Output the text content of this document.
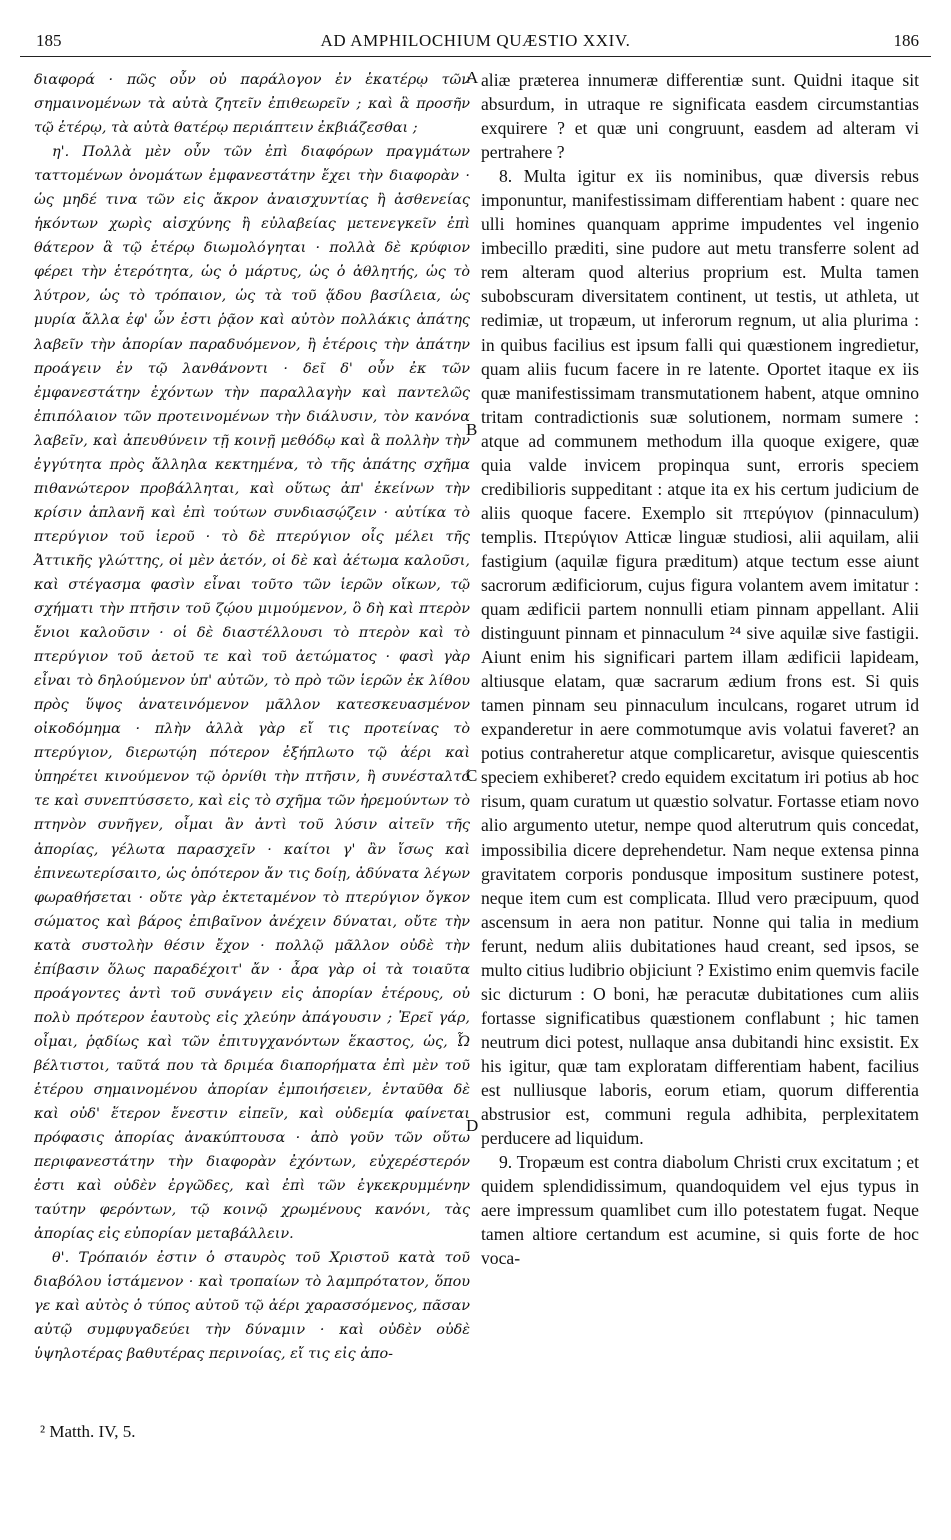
185	AD AMPHILOCHIUM QUÆSTIO XXIV.	186

διαφορά · πῶς οὖν οὐ παράλογον ἐν ἑκατέρῳ τῶν σημαινομένων τὰ αὐτὰ ζητεῖν ἐπιθεωρεῖν ; καὶ ἃ προσῆν τῷ ἑτέρῳ, τὰ αὐτὰ θατέρῳ περιάπτειν ἐκβιάζεσθαι ;

η'. Πολλὰ μὲν οὖν τῶν ἐπὶ διαφόρων πραγμάτων ταττομένων ὀνομάτων ἐμφανεστάτην ἔχει τὴν διαφορὰν · ὡς μηδέ τινα τῶν εἰς ἄκρον ἀναισχυντίας ἢ ἀσθενείας ἡκόντων χωρὶς αἰσχύνης ἢ εὐλαβείας μετενεγκεῖν ἐπὶ θάτερον ἃ τῷ ἑτέρῳ διωμολόγηται · πολλὰ δὲ κρύφιον φέρει τὴν ἑτερότητα, ὡς ὁ μάρτυς, ὡς ὁ ἀθλητής, ὡς τὸ λύτρον, ὡς τὸ τρόπαιον, ὡς τὰ τοῦ ᾅδου βασίλεια, ὡς μυρία ἄλλα ἐφ' ὧν ἐστι ῥᾷον καὶ αὐτὸν πολλάκις ἀπάτης λαβεῖν τὴν ἀπορίαν παραδυόμενον, ἢ ἑτέροις τὴν ἀπάτην προάγειν ἐν τῷ λανθάνοντι · δεῖ δ' οὖν ἐκ τῶν ἐμφανεστάτην ἐχόντων τὴν παραλλαγὴν καὶ παντελῶς ἐπιπόλαιον τῶν προτεινομένων τὴν διάλυσιν, τὸν κανόνα λαβεῖν, καὶ ἀπευθύνειν τῇ κοινῇ μεθόδῳ καὶ ἃ πολλὴν τὴν ἐγγύτητα πρὸς ἄλληλα κεκτημένα, τὸ τῆς ἀπάτης σχῆμα πιθανώτερον προβάλληται, καὶ οὕτως ἀπ' ἐκείνων τὴν κρίσιν ἀπλανῆ καὶ ἐπὶ τούτων συνδιασῴζειν · αὐτίκα τὸ πτερύγιον τοῦ ἱεροῦ · τὸ δὲ πτερύγιον οἷς μέλει τῆς Ἀττικῆς γλώττης, οἱ μὲν ἀετόν, οἱ δὲ καὶ ἀέτωμα καλοῦσι, καὶ στέγασμα φασὶν εἶναι τοῦτο τῶν ἱερῶν οἴκων, τῷ σχήματι τὴν πτῆσιν τοῦ ζῴου μιμούμενον, ὃ δὴ καὶ πτερὸν ἔνιοι καλοῦσιν · οἱ δὲ διαστέλλουσι τὸ πτερὸν καὶ τὸ πτερύγιον τοῦ ἀετοῦ τε καὶ τοῦ ἀετώματος · φασὶ γὰρ εἶναι τὸ δηλούμενον ὑπ' αὐτῶν, τὸ πρὸ τῶν ἱερῶν ἐκ λίθου πρὸς ὕψος ἀνατεινόμενον μᾶλλον κατεσκευασμένον οἰκοδόμημα · πλὴν ἀλλὰ γὰρ εἴ τις προτείνας τὸ πτερύγιον, διερωτῴη πότερον ἐξήπλωτο τῷ ἀέρι καὶ ὑπηρέτει κινούμενον τῷ ὀρνίθι τὴν πτῆσιν, ἢ συνέσταλτό τε καὶ συνεπτύσσετο, καὶ εἰς τὸ σχῆμα τῶν ἠρεμούντων τὸ πτηνὸν συνῆγεν, οἶμαι ἂν ἀντὶ τοῦ λύσιν αἰτεῖν τῆς ἀπορίας, γέλωτα παρασχεῖν · καίτοι γ' ἂν ἴσως καὶ ἐπινεωτερίσαιτο, ὡς ὁπότερον ἄν τις δοίῃ, ἀδύνατα λέγων φωραθήσεται · οὔτε γὰρ ἐκτεταμένον τὸ πτερύγιον ὄγκον σώματος καὶ βάρος ἐπιβαῖνον ἀνέχειν δύναται, οὔτε τὴν κατὰ συστολὴν θέσιν ἔχον · πολλῷ μᾶλλον οὐδὲ τὴν ἐπίβασιν ὅλως παραδέχοιτ' ἄν · ἆρα γὰρ οἱ τὰ τοιαῦτα προάγοντες ἀντὶ τοῦ συνάγειν εἰς ἀπορίαν ἑτέρους, οὐ πολὺ πρότερον ἑαυτοὺς εἰς χλεύην ἀπάγουσιν ; Ἐρεῖ γάρ, οἶμαι, ῥᾳδίως καὶ τῶν ἐπιτυγχανόντων ἕκαστος, ὡς, Ὦ βέλτιστοι, ταῦτά που τὰ δριμέα διαπορήματα ἐπὶ μὲν τοῦ ἑτέρου σημαινομένου ἀπορίαν ἐμποιήσειεν, ἐνταῦθα δὲ καὶ οὐδ' ἕτερον ἔνεστιν εἰπεῖν, καὶ οὐδεμία φαίνεται πρόφασις ἀπορίας ἀνακύπτουσα · ἀπὸ γοῦν τῶν οὕτω περιφανεστάτην τὴν διαφορὰν ἐχόντων, εὐχερέστερόν ἐστι καὶ οὐδὲν ἐργῶδες, καὶ ἐπὶ τῶν ἐγκεκρυμμένην ταύτην φερόντων, τῷ κοινῷ χρωμένους κανόνι, τὰς ἀπορίας εἰς εὐπορίαν μεταβάλλειν.

θ'. Τρόπαιόν ἐστιν ὁ σταυρὸς τοῦ Χριστοῦ κατὰ τοῦ διαβόλου ἱστάμενον · καὶ τροπαίων τὸ λαμπρότατον, ὅπου γε καὶ αὐτὸς ὁ τύπος αὐτοῦ τῷ ἀέρι χαρασσόμενος, πᾶσαν αὐτῷ συμφυγαδεύει τὴν δύναμιν · καὶ οὐδὲν οὐδὲ ὑψηλοτέρας βαθυτέρας περινοίας, εἴ τις εἰς ἀπο-

A
B
C
D

aliæ præterea innumeræ differentiæ sunt. Quidni itaque sit absurdum, in utraque re significata easdem circumstantias exquirere ? et quæ uni congruunt, easdem ad alteram vi pertrahere ?

8. Multa igitur ex iis nominibus, quæ diversis rebus imponuntur, manifestissimam differentiam habent : quare nec ulli homines quanquam apprime impudentes vel ingenio imbecillo præditi, sine pudore aut metu transferre solent ad rem alteram quod alterius proprium est. Multa tamen subobscuram diversitatem continent, ut testis, ut athleta, ut redimiæ, ut tropæum, ut inferorum regnum, ut alia plurima : in quibus facilius est ipsum falli qui quæstionem ingredietur, quam aliis fucum facere in re latente. Oportet itaque ex iis quæ manifestissimam transmutationem habent, atque omnino tritam contradictionis suæ solutionem, normam sumere : atque ad communem methodum illa quoque exigere, quæ quia valde invicem propinqua sunt, erroris speciem credibilioris suppeditant : atque ita ex his certum judicium de aliis quoque facere. Exemplo sit πτερύγιον (pinnaculum) templis. Πτερύγιον Atticæ linguæ studiosi, alii aquilam, alii fastigium (aquilæ figura præditum) atque tectum esse aiunt sacrorum ædificiorum, cujus figura volantem avem imitatur : quam ædificii partem nonnulli etiam pinnam appellant. Alii distinguunt pinnam et pinnaculum ²⁴ sive aquilæ sive fastigii. Aiunt enim his significari partem illam ædificii lapideam, altiusque elatam, quæ sacrarum ædium frons est. Si quis tamen pinnam seu pinnaculum inculcans, rogaret utrum id expanderetur in aere commotumque avis volatui faveret? an potius contraheretur atque complicaretur, avisque quiescentis speciem exhiberet? credo equidem excitatum iri potius ab hoc risum, quam curatum ut quæstio solvatur. Fortasse etiam novo alio argumento utetur, nempe quod alterutrum quis concedat, impossibilia dicere deprehendetur. Nam neque extensa pinna gravitatem corporis pondusque impositum sustinere potest, neque item cum est complicata. Illud vero præcipuum, quod ascensum in aera non patitur. Nonne qui talia in medium ferunt, nedum aliis dubitationes haud creant, sed ipsos, se multo citius ludibrio objiciunt ? Existimo enim quemvis facile sic dicturum : O boni, hæ peracutæ dubitationes cum aliis fortasse significatibus quæstionem conflabunt ; hic tamen neutrum dici potest, nullaque ansa dubitandi hinc exsistit. Ex his igitur, quæ tam exploratam differentiam habent, facilius est nulliusque laboris, eorum etiam, quorum differentia abstrusior est, communi regula adhibita, perplexitatem perducere ad liquidum.

9. Tropæum est contra diabolum Christi crux excitatum ; et quidem splendidissimum, quandoquidem vel ejus typus in aere impressum quamlibet cum illo potestatem fugat. Neque tamen altiore certandum est acumine, si quis forte de hoc voca-

² Matth. IV, 5.
